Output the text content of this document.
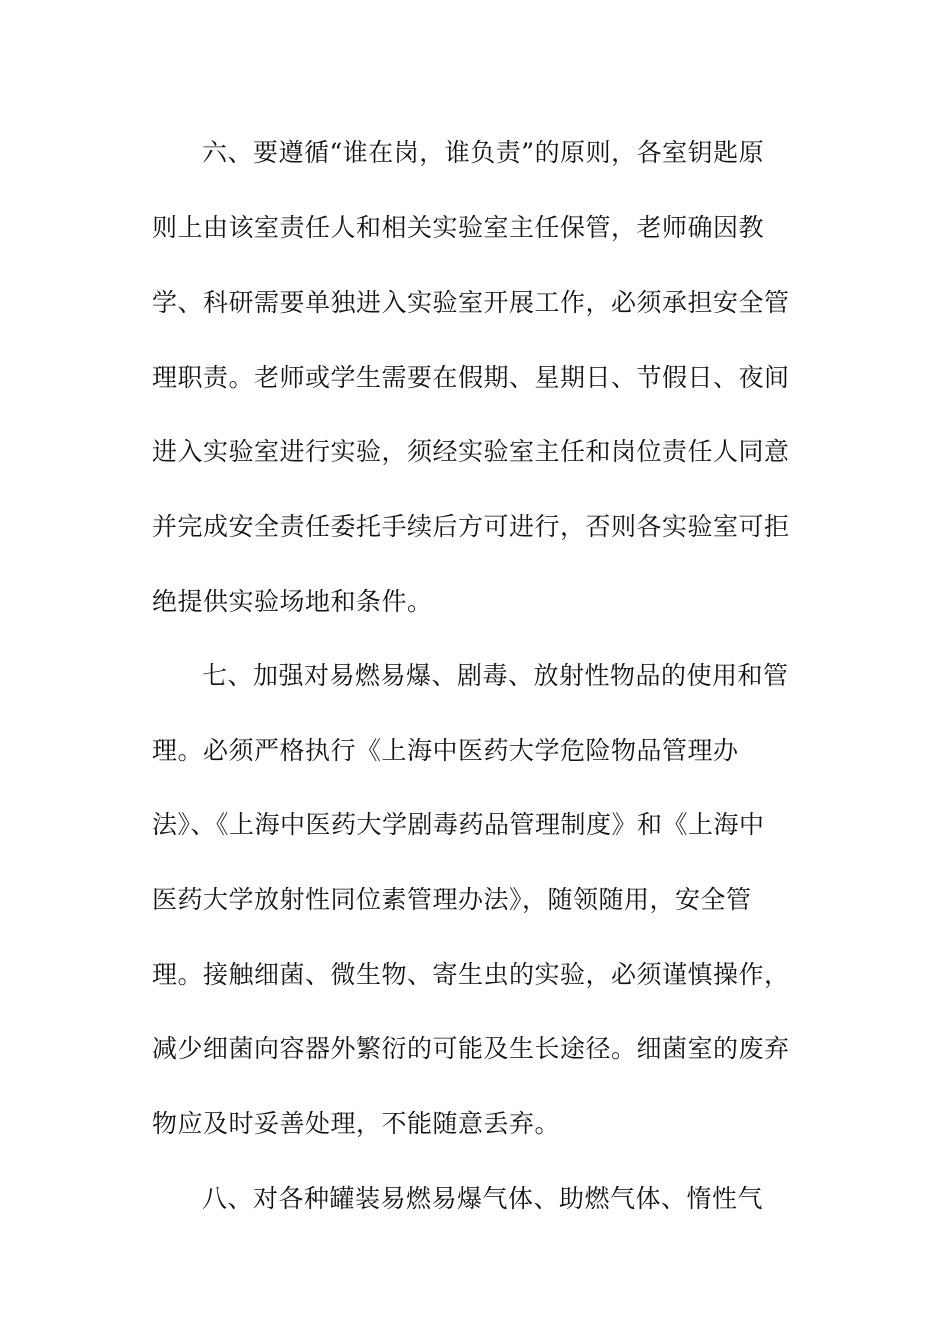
六、要遵循“谁在岗，谁负责”的原则，各室钥匙原
则上由该室责任人和相关实验室主任保管，老师确因教
学、科研需要单独进入实验室开展工作，必须承担安全管
理职责。老师或学生需要在假期、星期日、节假日、夜间
进入实验室进行实验，须经实验室主任和岗位责任人同意
并完成安全责任委托手续后方可进行，否则各实验室可拒
绝提供实验场地和条件。
七、加强对易燃易爆、剧毒、放射性物品的使用和管
理。必须严格执行《上海中医药大学危险物品管理办
法》、《上海中医药大学剧毒药品管理制度》和《上海中
医药大学放射性同位素管理办法》，随领随用，安全管
理。接触细菌、微生物、寄生虫的实验，必须谨慎操作，
减少细菌向容器外繁衍的可能及生长途径。细菌室的废弃
物应及时妥善处理，不能随意丢弃。
八、对各种罐装易燃易爆气体、助燃气体、惰性气
